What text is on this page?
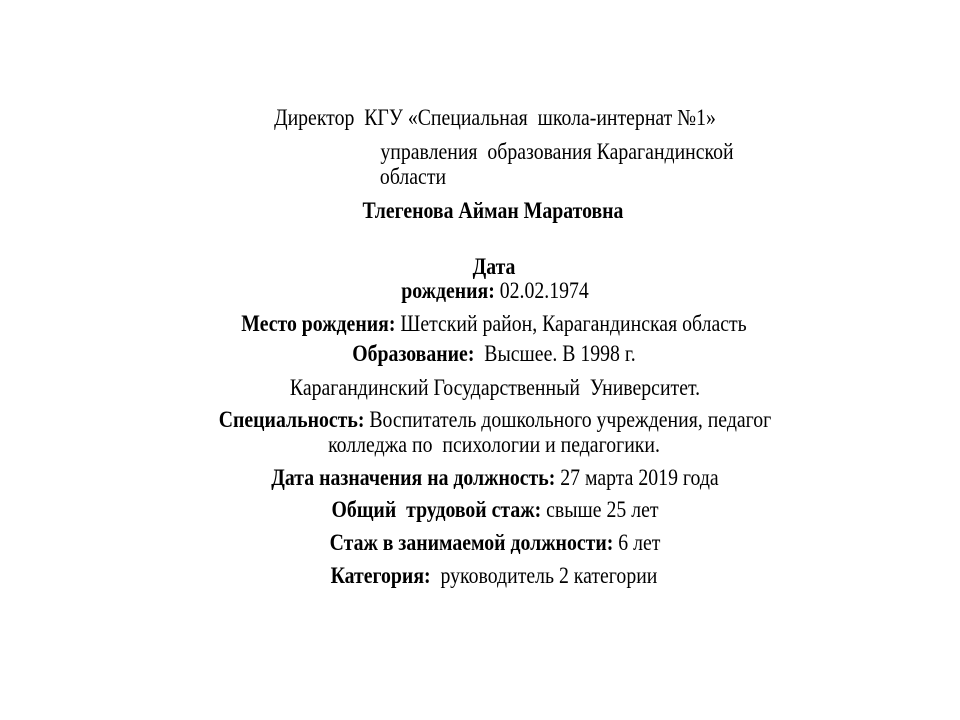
Директор  КГУ «Специальная  школа-интернат №1»
управления  образования Карагандинской
области
Тлегенова Айман Маратовна
Дата
рождения: 02.02.1974
Место рождения: Шетский район, Карагандинская область
Образование:  Высшее. В 1998 г.
Карагандинский Государственный  Университет.
Специальность: Воспитатель дошкольного учреждения, педагог
колледжа по  психологии и педагогики.
Дата назначения на должность: 27 марта 2019 года
Общий  трудовой стаж: свыше 25 лет
Стаж в занимаемой должности: 6 лет
Категория:  руководитель 2 категории
